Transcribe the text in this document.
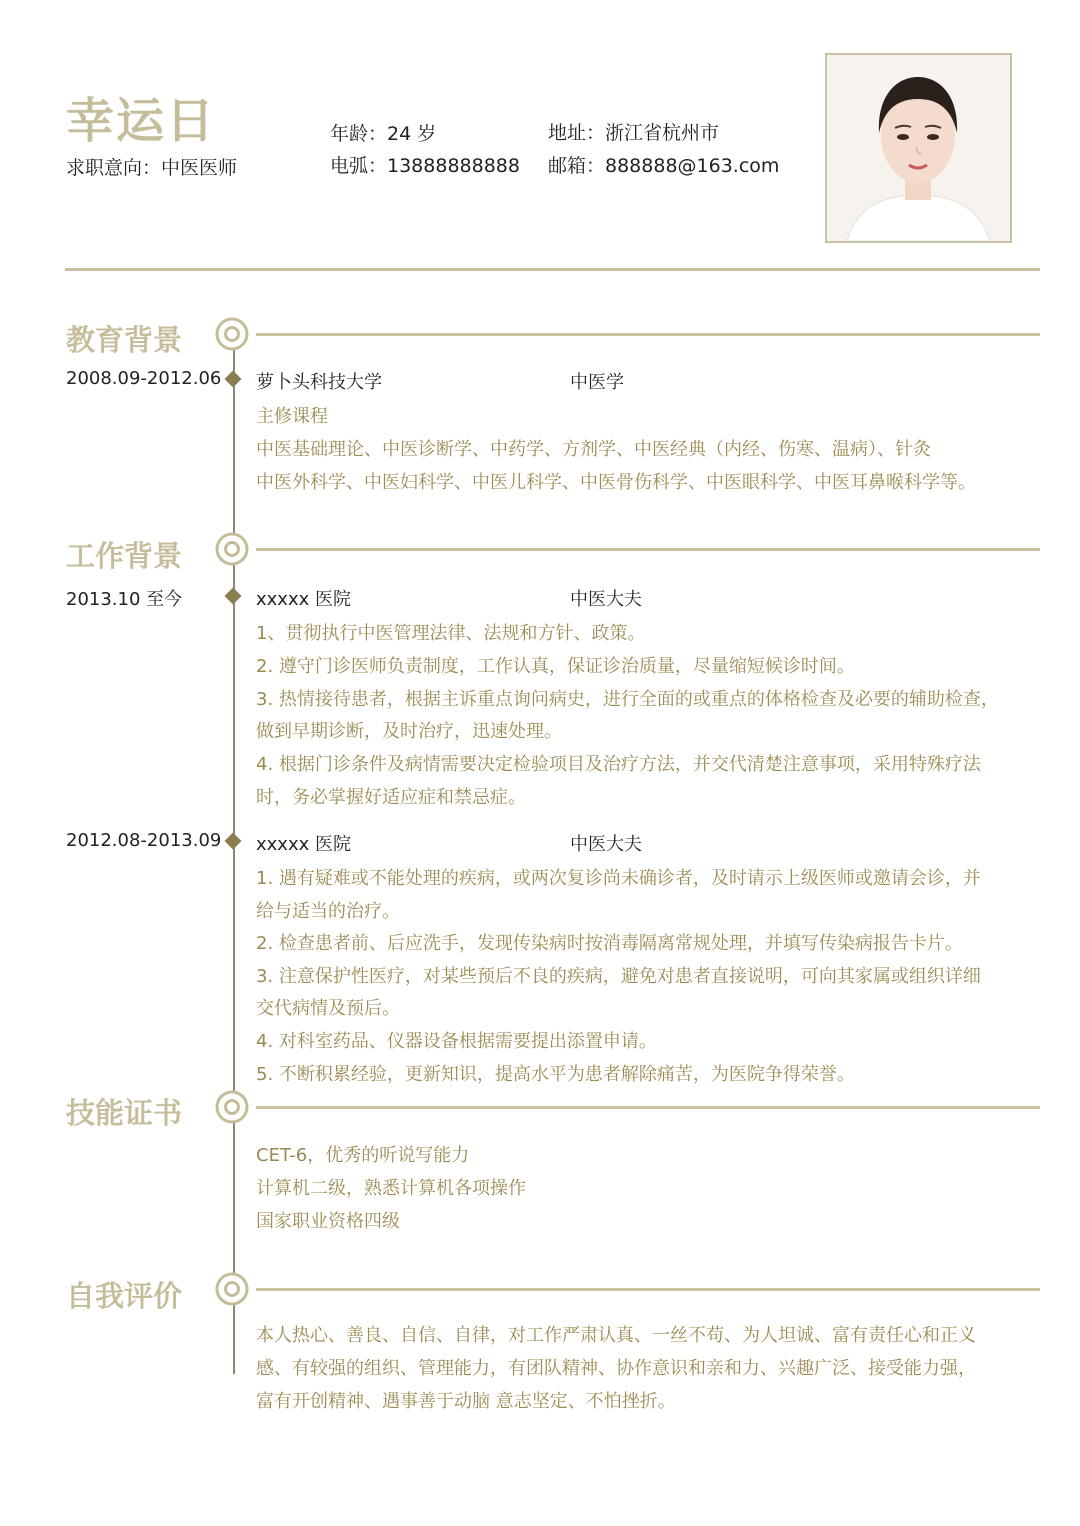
幸运日
求职意向：中医医师
年龄：24 岁
电弧：13888888888
地址：浙江省杭州市
邮箱：888888@163.com
教育背景
2008.09-2012.06 萝卜头科技大学	中医学
主修课程
中医基础理论、中医诊断学、中药学、方剂学、中医经典（内经、伤寒、温病）、针灸
中医外科学、中医妇科学、中医儿科学、中医骨伤科学、中医眼科学、中医耳鼻喉科学等。
工作背景
2013.10 至今	xxxxx 医院	中医大夫
1、贯彻执行中医管理法律、法规和方针、政策。
2. 遵守门诊医师负责制度，工作认真，保证诊治质量，尽量缩短候诊时间。
3. 热情接待患者，根据主诉重点询问病史，进行全面的或重点的体格检查及必要的辅助检查，
做到早期诊断，及时治疗，迅速处理。
4. 根据门诊条件及病情需要决定检验项目及治疗方法，并交代清楚注意事项，采用特殊疗法
时，务必掌握好适应症和禁忌症。
2012.08-2013.09 xxxxx 医院	中医大夫
1. 遇有疑难或不能处理的疾病，或两次复诊尚未确诊者，及时请示上级医师或邀请会诊，并
给与适当的治疗。
2. 检查患者前、后应洗手，发现传染病时按消毒隔离常规处理，并填写传染病报告卡片。
3. 注意保护性医疗，对某些预后不良的疾病，避免对患者直接说明，可向其家属或组织详细
交代病情及预后。
4. 对科室药品、仪器设备根据需要提出添置申请。
5. 不断积累经验，更新知识，提高水平为患者解除痛苦，为医院争得荣誉。
技能证书
CET-6，优秀的听说写能力
计算机二级，熟悉计算机各项操作
国家职业资格四级
自我评价
本人热心、善良、自信、自律，对工作严肃认真、一丝不苟、为人坦诚、富有责任心和正义
感、有较强的组织、管理能力，有团队精神、协作意识和亲和力、兴趣广泛、接受能力强，
富有开创精神、遇事善于动脑 意志坚定、不怕挫折。
